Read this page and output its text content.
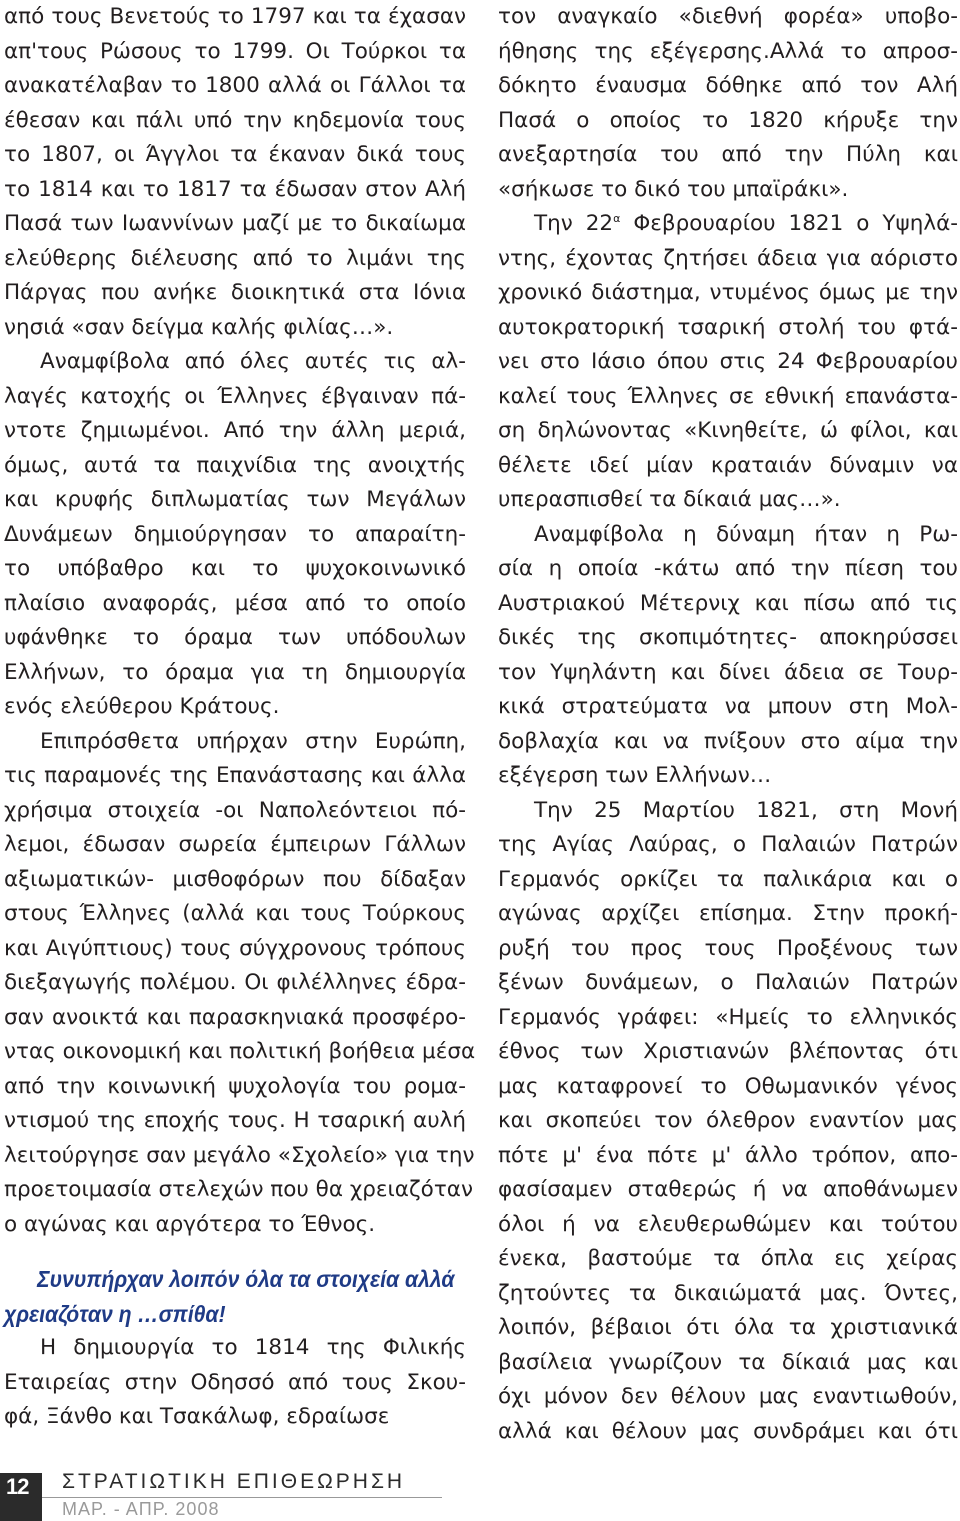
από τους Βενετούς το 1797 και τα έχασαν
απ'τους Ρώσους το 1799. Οι Τούρκοι τα
ανακατέλαβαν το 1800 αλλά οι Γάλλοι τα
έθεσαν και πάλι υπό την κηδεμονία τους
το 1807, οι Άγγλοι τα έκαναν δικά τους
το 1814 και το 1817 τα έδωσαν στον Αλή
Πασά των Ιωαννίνων μαζί με το δικαίωμα
ελεύθερης διέλευσης από το λιμάνι της
Πάργας που ανήκε διοικητικά στα Ιόνια
νησιά «σαν δείγμα καλής φιλίας…».
Αναμφίβολα από όλες αυτές τις αλ-
λαγές κατοχής οι Έλληνες έβγαιναν πά-
ντοτε ζημιωμένοι. Από την άλλη μεριά,
όμως, αυτά τα παιχνίδια της ανοιχτής
και κρυφής διπλωματίας των Μεγάλων
Δυνάμεων δημιούργησαν το απαραίτη-
το υπόβαθρο και το ψυχοκοινωνικό
πλαίσιο αναφοράς, μέσα από το οποίο
υφάνθηκε το όραμα των υπόδουλων
Ελλήνων, το όραμα για τη δημιουργία
ενός ελεύθερου Κράτους.
Επιπρόσθετα υπήρχαν στην Ευρώπη,
τις παραμονές της Επανάστασης και άλλα
χρήσιμα στοιχεία -οι Ναπολεόντειοι πό-
λεμοι, έδωσαν σωρεία έμπειρων Γάλλων
αξιωματικών- μισθοφόρων που δίδαξαν
στους Έλληνες (αλλά και τους Τούρκους
και Αιγύπτιους) τους σύγχρονους τρόπους
διεξαγωγής πολέμου. Οι φιλέλληνες έδρα-
σαν ανοικτά και παρασκηνιακά προσφέρο-
ντας οικονομική και πολιτική βοήθεια μέσα
από την κοινωνική ψυχολογία του ρομα-
ντισμού της εποχής τους. Η τσαρική αυλή
λειτούργησε σαν μεγάλο «Σχολείο» για την
προετοιμασία στελεχών που θα χρειαζόταν
ο αγώνας και αργότερα το Έθνος.
Συνυπήρχαν λοιπόν όλα τα στοιχεία αλλά
χρειαζόταν η …σπίθα!
Η δημιουργία το 1814 της Φιλικής
Εταιρείας στην Οδησσό από τους Σκου-
φά, Ξάνθο και Τσακάλωφ, εδραίωσε
τον αναγκαίο «διεθνή φορέα» υποβο-
ήθησης της εξέγερσης.Αλλά το απροσ-
δόκητο έναυσμα δόθηκε από τον Αλή
Πασά ο οποίος το 1820 κήρυξε την
ανεξαρτησία του από την Πύλη και
«σήκωσε το δικό του μπαϊράκι».
Την $22^\alpha$ Φεβρουαρίου 1821 ο Υψηλά-
ντης, έχοντας ζητήσει άδεια για αόριστο
χρονικό διάστημα, ντυμένος όμως με την
αυτοκρατορική τσαρική στολή του φτά-
νει στο Ιάσιο όπου στις 24 Φεβρουαρίου
καλεί τους Έλληνες σε εθνική επανάστα-
ση δηλώνοντας «Κινηθείτε, ώ φίλοι, και
θέλετε ιδεί μίαν κραταιάν δύναμιν να
υπερασπισθεί τα δίκαιά μας…».
Αναμφίβολα η δύναμη ήταν η Ρω-
σία η οποία -κάτω από την πίεση του
Αυστριακού Μέτερνιχ και πίσω από τις
δικές της σκοπιμότητες- αποκηρύσσει
τον Υψηλάντη και δίνει άδεια σε Τουρ-
κικά στρατεύματα να μπουν στη Μολ-
δοβλαχία και να πνίξουν στο αίμα την
εξέγερση των Ελλήνων…
Την 25 Μαρτίου 1821, στη Μονή
της Αγίας Λαύρας, ο Παλαιών Πατρών
Γερμανός ορκίζει τα παλικάρια και ο
αγώνας αρχίζει επίσημα. Στην προκή-
ρυξή του προς τους Προξένους των
ξένων δυνάμεων, ο Παλαιών Πατρών
Γερμανός γράφει: «Ημείς το ελληνικός
έθνος των Χριστιανών βλέποντας ότι
μας καταφρονεί το Οθωμανικόν γένος
και σκοπεύει τον όλεθρον εναντίον μας
πότε μ' ένα πότε μ' άλλο τρόπον, απο-
φασίσαμεν σταθερώς ή να αποθάνωμεν
όλοι ή να ελευθερωθώμεν και τούτου
ένεκα, βαστούμε τα όπλα εις χείρας
ζητούντες τα δικαιώματά μας. Όντες,
λοιπόν, βέβαιοι ότι όλα τα χριστιανικά
βασίλεια γνωρίζουν τα δίκαιά μας και
όχι μόνον δεν θέλουν μας εναντιωθούν,
αλλά και θέλουν μας συνδράμει και ότι
12 ΣΤΡΑΤΙΩΤΙΚΗ ΕΠΙΘΕΩΡΗΣΗ
ΜΑΡ. - ΑΠΡ. 2008
